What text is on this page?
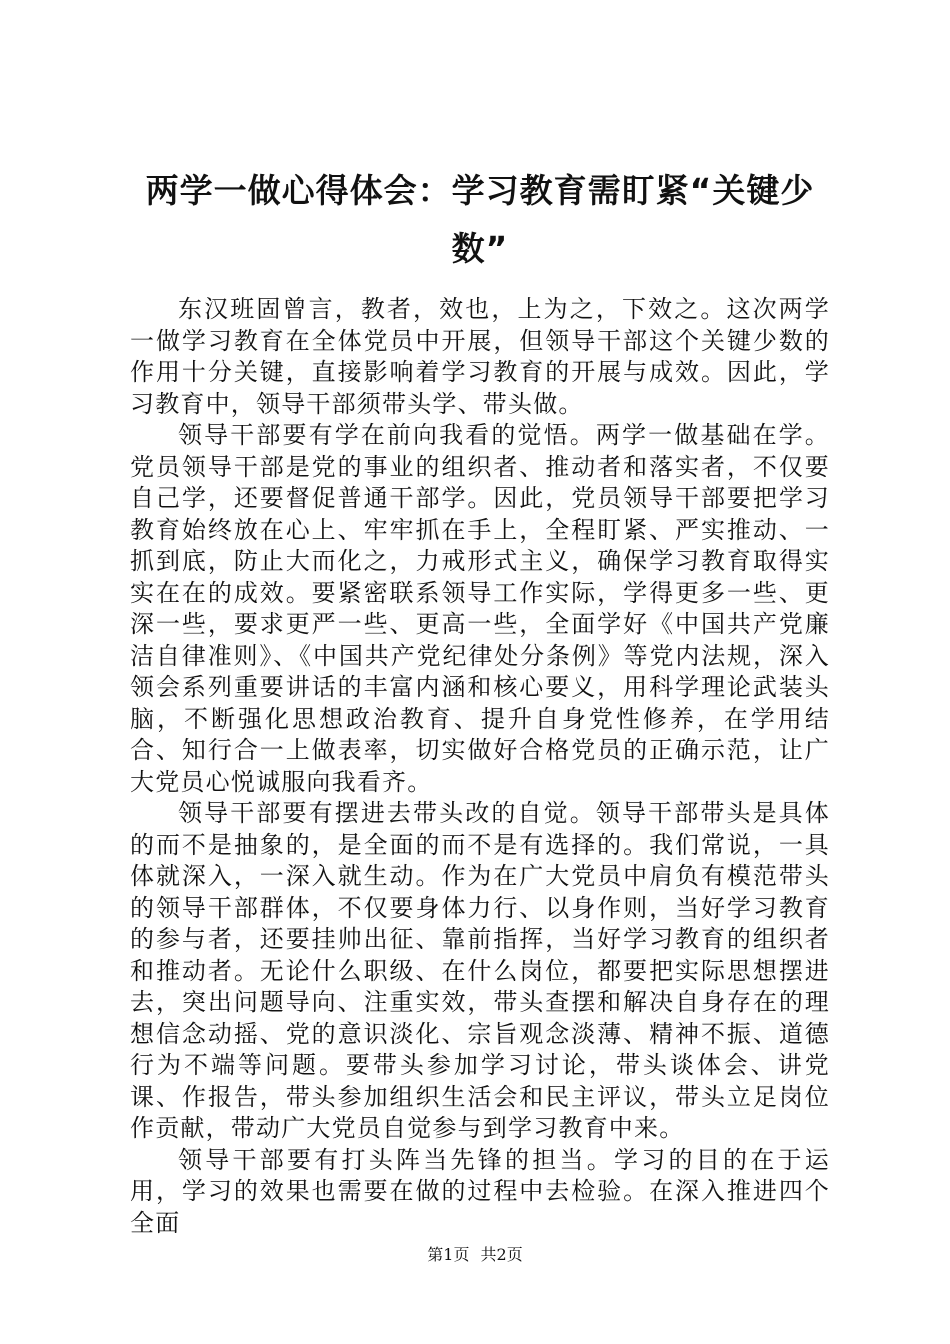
两学一做心得体会：学习教育需盯紧“关键少数”

东汉班固曾言，教者，效也，上为之，下效之。这次两学一做学习教育在全体党员中开展，但领导干部这个关键少数的作用十分关键，直接影响着学习教育的开展与成效。因此，学习教育中，领导干部须带头学、带头做。

领导干部要有学在前向我看的觉悟。两学一做基础在学。党员领导干部是党的事业的组织者、推动者和落实者，不仅要自己学，还要督促普通干部学。因此，党员领导干部要把学习教育始终放在心上、牢牢抓在手上，全程盯紧、严实推动、一抓到底，防止大而化之，力戒形式主义，确保学习教育取得实实在在的成效。要紧密联系领导工作实际，学得更多一些、更深一些，要求更严一些、更高一些，全面学好《中国共产党廉洁自律准则》、《中国共产党纪律处分条例》等党内法规，深入领会系列重要讲话的丰富内涵和核心要义，用科学理论武装头脑，不断强化思想政治教育、提升自身党性修养，在学用结合、知行合一上做表率，切实做好合格党员的正确示范，让广大党员心悦诚服向我看齐。

领导干部要有摆进去带头改的自觉。领导干部带头是具体的而不是抽象的，是全面的而不是有选择的。我们常说，一具体就深入，一深入就生动。作为在广大党员中肩负有模范带头的领导干部群体，不仅要身体力行、以身作则，当好学习教育的参与者，还要挂帅出征、靠前指挥，当好学习教育的组织者和推动者。无论什么职级、在什么岗位，都要把实际思想摆进去，突出问题导向、注重实效，带头查摆和解决自身存在的理想信念动摇、党的意识淡化、宗旨观念淡薄、精神不振、道德行为不端等问题。要带头参加学习讨论，带头谈体会、讲党课、作报告，带头参加组织生活会和民主评议，带头立足岗位作贡献，带动广大党员自觉参与到学习教育中来。

领导干部要有打头阵当先锋的担当。学习的目的在于运用，学习的效果也需要在做的过程中去检验。在深入推进四个全面

第1页 共2页
